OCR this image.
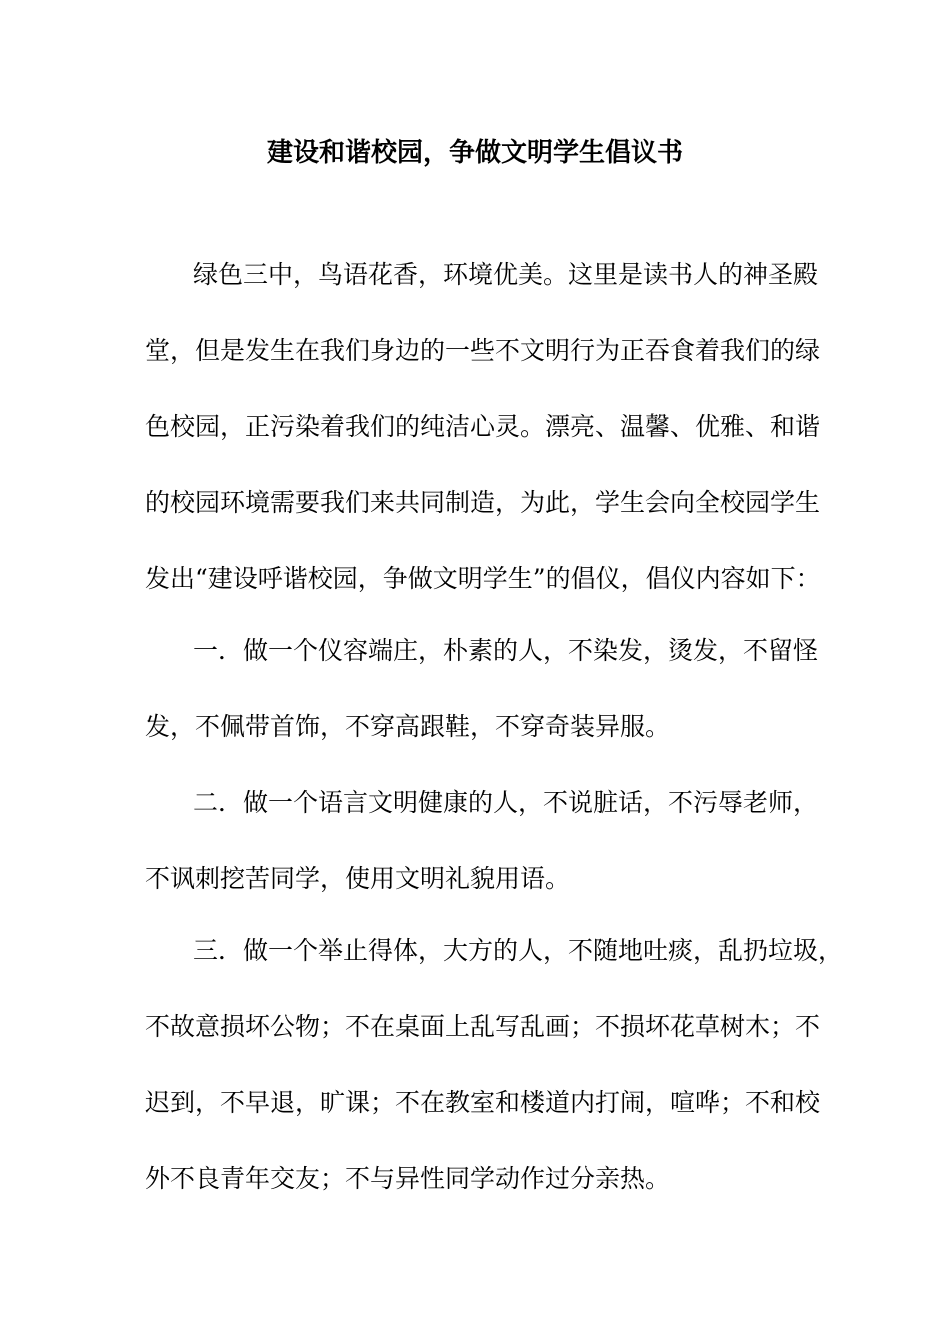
建设和谐校园，争做文明学生倡议书
绿色三中，鸟语花香，环境优美。这里是读书人的神圣殿
堂，但是发生在我们身边的一些不文明行为正吞食着我们的绿
色校园，正污染着我们的纯洁心灵。漂亮、温馨、优雅、和谐
的校园环境需要我们来共同制造，为此，学生会向全校园学生
发出“建设呼谐校园，争做文明学生”的倡仪，倡仪内容如下：
一．做一个仪容端庄，朴素的人，不染发，烫发，不留怪
发，不佩带首饰，不穿高跟鞋，不穿奇装异服。
二．做一个语言文明健康的人，不说脏话，不污辱老师，
不讽刺挖苦同学，使用文明礼貌用语。
三．做一个举止得体，大方的人，不随地吐痰，乱扔垃圾，
不故意损坏公物；不在桌面上乱写乱画；不损坏花草树木；不
迟到，不早退，旷课；不在教室和楼道内打闹，喧哗；不和校
外不良青年交友；不与异性同学动作过分亲热。
